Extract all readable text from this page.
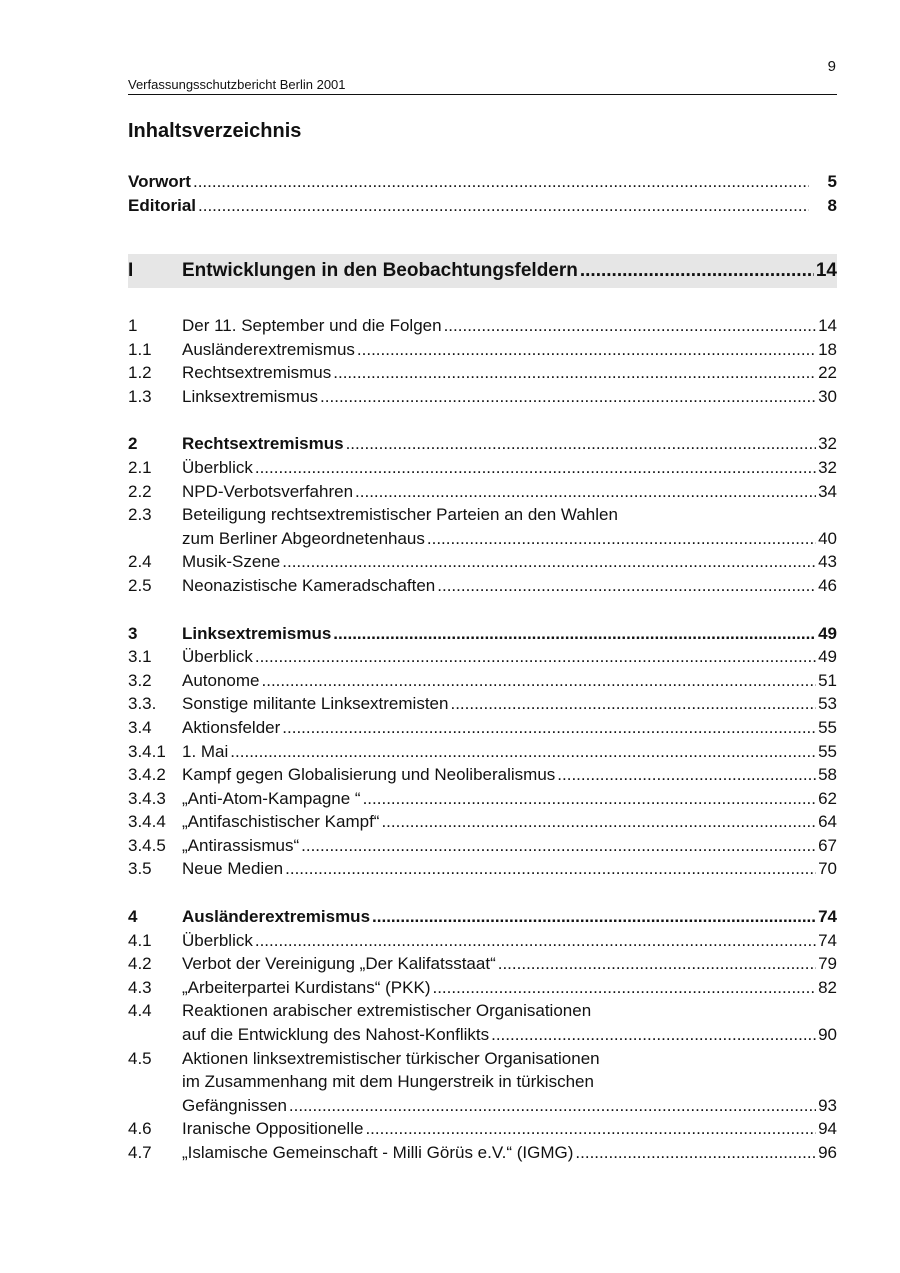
9
Verfassungsschutzbericht Berlin 2001
Inhaltsverzeichnis
Vorwort .....	5
Editorial .....	8
I	Entwicklungen in den Beobachtungsfeldern .....	14
1	Der 11. September und die Folgen .....	14
1.1	Ausländerextremismus .....	18
1.2	Rechtsextremismus .....	22
1.3	Linksextremismus .....	30
2	Rechtsextremismus .....	32
2.1	Überblick .....	32
2.2	NPD-Verbotsverfahren .....	34
2.3	Beteiligung rechtsextremistischer Parteien an den Wahlen
zum Berliner Abgeordnetenhaus .....	40
2.4	Musik-Szene .....	43
2.5	Neonazistische Kameradschaften .....	46
3	Linksextremismus .....	49
3.1	Überblick .....	49
3.2	Autonome .....	51
3.3.	Sonstige militante Linksextremisten .....	53
3.4	Aktionsfelder .....	55
3.4.1 1. Mai .....	55
3.4.2 Kampf gegen Globalisierung und Neoliberalismus .....	58
3.4.3 „Anti-Atom-Kampagne “ .....	62
3.4.4 „Antifaschistischer Kampf“ .....	64
3.4.5 „Antirassismus“ .....	67
3.5	Neue Medien .....	70
4	Ausländerextremismus .....	74
4.1	Überblick .....	74
4.2	Verbot der Vereinigung „Der Kalifatsstaat“ .....	79
4.3	„Arbeiterpartei Kurdistans“ (PKK) .....	82
4.4	Reaktionen arabischer extremistischer Organisationen
auf die Entwicklung des Nahost-Konflikts .....	90
4.5	Aktionen linksextremistischer türkischer Organisationen
im Zusammenhang mit dem Hungerstreik in türkischen
Gefängnissen .....	93
4.6	Iranische Oppositionelle .....	94
4.7	„Islamische Gemeinschaft - Milli Görüs e.V.“ (IGMG) .....	96
